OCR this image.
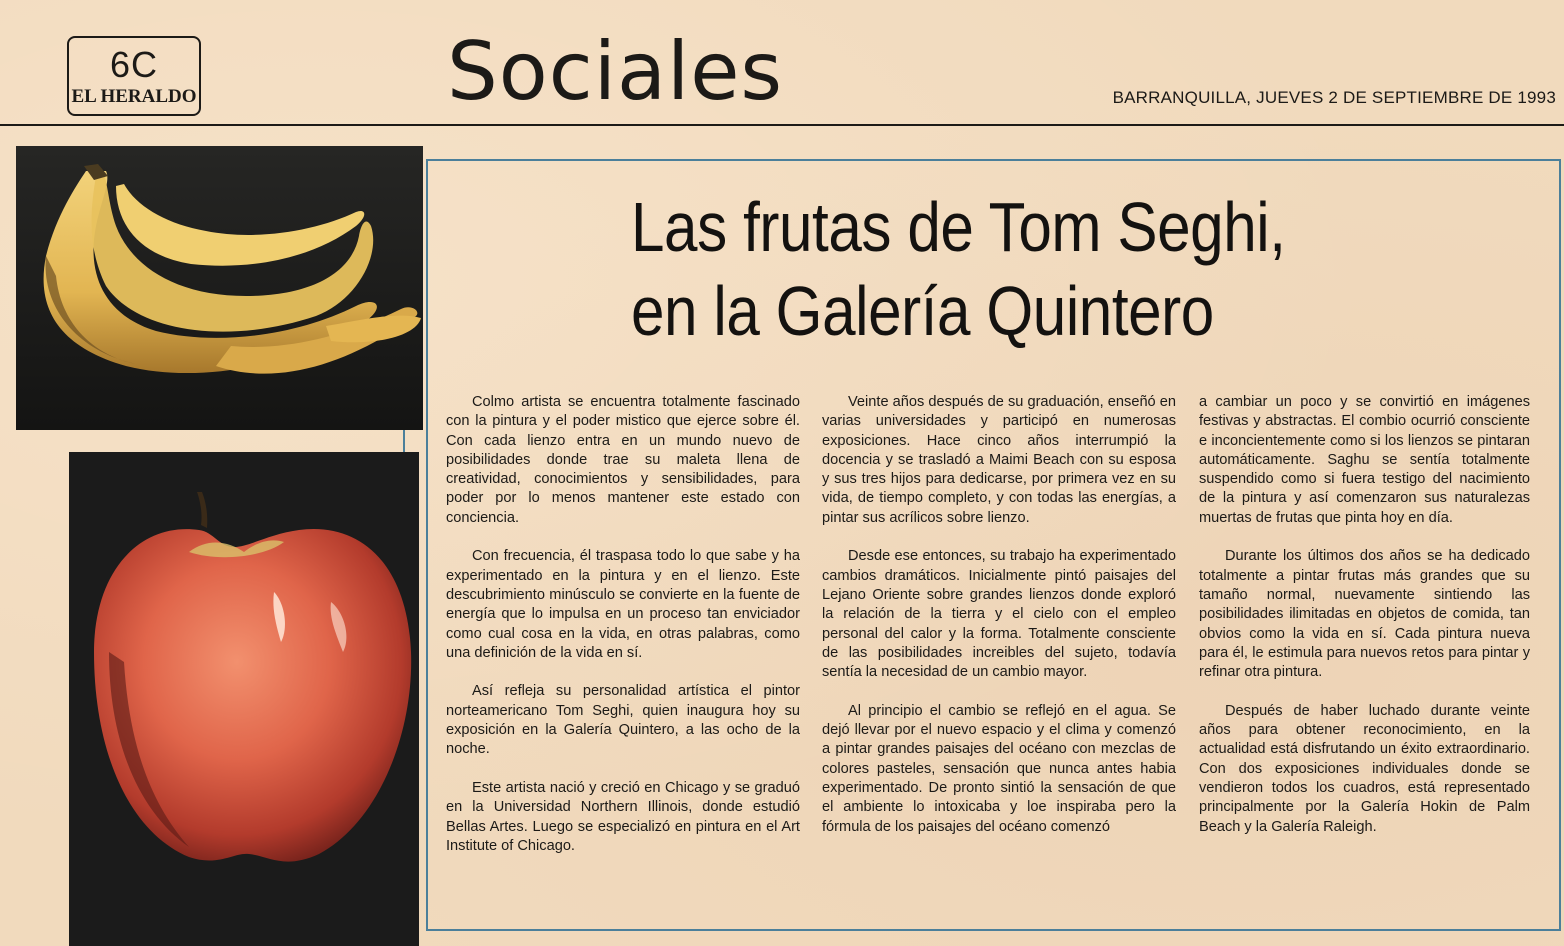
6C
EL HERALDO	Sociales	BARRANQUILLA, JUEVES 2 DE SEPTIEMBRE DE 1993
Las frutas de Tom Seghi,
en la Galería Quintero

Colmo artista se encuentra totalmente fascinado con la pintura y el poder mistico que ejerce sobre él. Con cada lienzo entra en un mundo nuevo de posibilidades donde trae su maleta llena de creatividad, conocimientos y sensibilidades, para poder por lo menos mantener este estado con conciencia.

Con frecuencia, él traspasa todo lo que sabe y ha experimentado en la pintura y en el lienzo. Este descubrimiento minúsculo se convierte en la fuente de energía que lo impulsa en un proceso tan enviciador como cual cosa en la vida, en otras palabras, como una definición de la vida en sí.

Así refleja su personalidad artística el pintor norteamericano Tom Seghi, quien inaugura hoy su exposición en la Galería Quintero, a las ocho de la noche.

Este artista nació y creció en Chicago y se graduó en la Universidad Northern Illinois, donde estudió Bellas Artes. Luego se especializó en pintura en el Art Institute of Chicago.

Veinte años después de su graduación, enseñó en varias universidades y participó en numerosas exposiciones. Hace cinco años interrumpió la docencia y se trasladó a Maimi Beach con su esposa y sus tres hijos para dedicarse, por primera vez en su vida, de tiempo completo, y con todas las energías, a pintar sus acrílicos sobre lienzo.

Desde ese entonces, su trabajo ha experimentado cambios dramáticos. Inicialmente pintó paisajes del Lejano Oriente sobre grandes lienzos donde exploró la relación de la tierra y el cielo con el empleo personal del calor y la forma. Totalmente consciente de las posibilidades increibles del sujeto, todavía sentía la necesidad de un cambio mayor.

Al principio el cambio se reflejó en el agua. Se dejó llevar por el nuevo espacio y el clima y comenzó a pintar grandes paisajes del océano con mezclas de colores pasteles, sensación que nunca antes habia experimentado. De pronto sintió la sensación de que el ambiente lo intoxicaba y loe inspiraba pero la fórmula de los paisajes del océano comenzó

a cambiar un poco y se convirtió en imágenes festivas y abstractas. El combio ocurrió consciente e inconcientemente como si los lienzos se pintaran automáticamente. Saghu se sentía totalmente suspendido como si fuera testigo del nacimiento de la pintura y así comenzaron sus naturalezas muertas de frutas que pinta hoy en día.

Durante los últimos dos años se ha dedicado totalmente a pintar frutas más grandes que su tamaño normal, nuevamente sintiendo las posibilidades ilimitadas en objetos de comida, tan obvios como la vida en sí. Cada pintura nueva para él, le estimula para nuevos retos para pintar y refinar otra pintura.

Después de haber luchado durante veinte años para obtener reconocimiento, en la actualidad está disfrutando un éxito extraordinario. Con dos exposiciones individuales donde se vendieron todos los cuadros, está representado principalmente por la Galería Hokin de Palm Beach y la Galería Raleigh.
